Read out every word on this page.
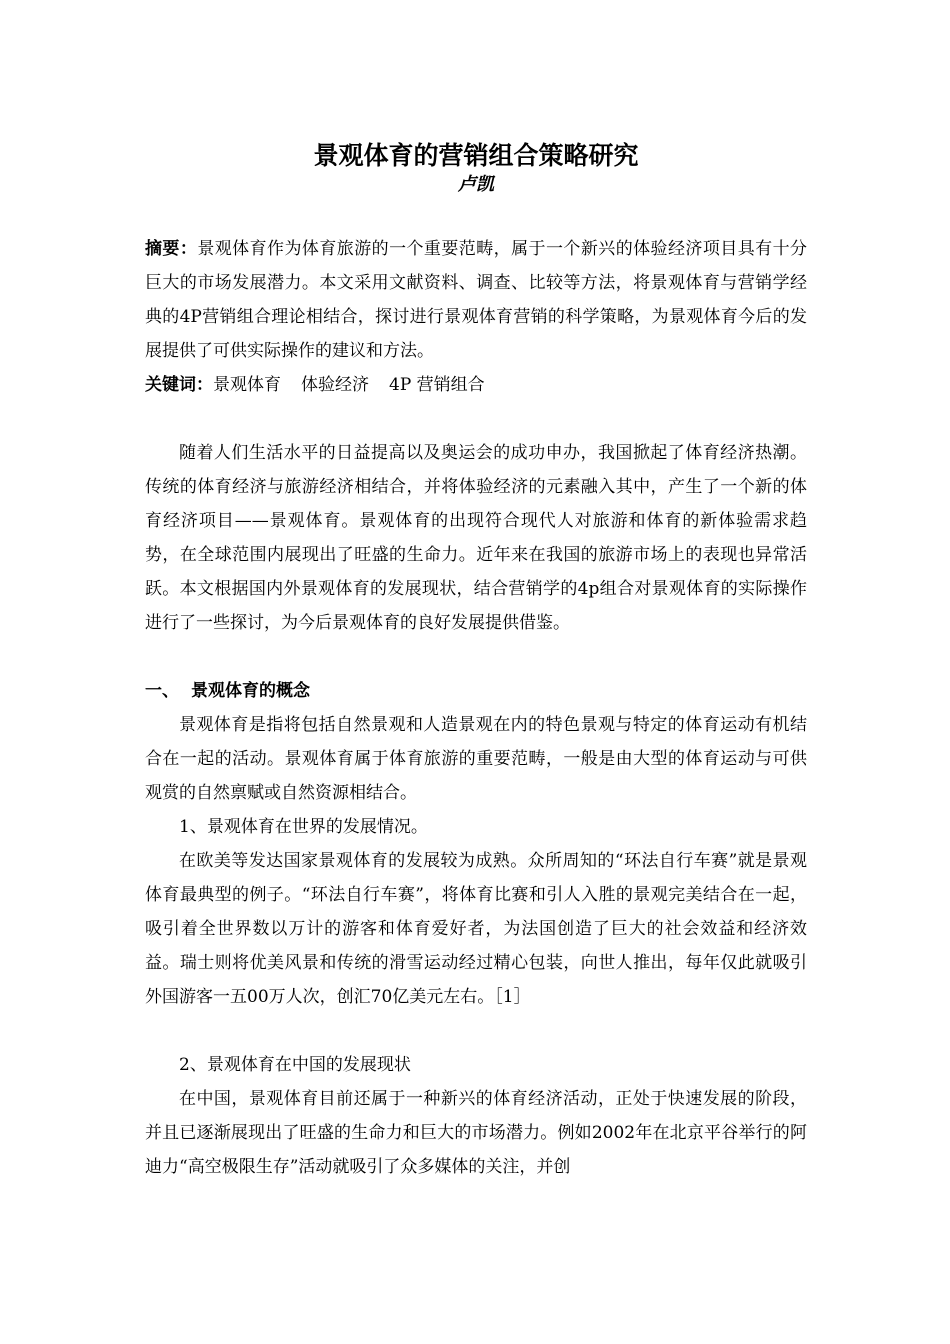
景观体育的营销组合策略研究

卢凯

摘要：景观体育作为体育旅游的一个重要范畴，属于一个新兴的体验经济项目具有十分巨大的市场发展潜力。本文采用文献资料、调查、比较等方法，将景观体育与营销学经典的4P营销组合理论相结合，探讨进行景观体育营销的科学策略，为景观体育今后的发展提供了可供实际操作的建议和方法。

关键词：景观体育 体验经济 4P 营销组合

随着人们生活水平的日益提高以及奥运会的成功申办，我国掀起了体育经济热潮。传统的体育经济与旅游经济相结合，并将体验经济的元素融入其中，产生了一个新的体育经济项目——景观体育。景观体育的出现符合现代人对旅游和体育的新体验需求趋势，在全球范围内展现出了旺盛的生命力。近年来在我国的旅游市场上的表现也异常活跃。本文根据国内外景观体育的发展现状，结合营销学的4p组合对景观体育的实际操作进行了一些探讨，为今后景观体育的良好发展提供借鉴。

一、 景观体育的概念

景观体育是指将包括自然景观和人造景观在内的特色景观与特定的体育运动有机结合在一起的活动。景观体育属于体育旅游的重要范畴，一般是由大型的体育运动与可供观赏的自然禀赋或自然资源相结合。

1、景观体育在世界的发展情况。

在欧美等发达国家景观体育的发展较为成熟。众所周知的“环法自行车赛”就是景观体育最典型的例子。“环法自行车赛”，将体育比赛和引人入胜的景观完美结合在一起，吸引着全世界数以万计的游客和体育爱好者，为法国创造了巨大的社会效益和经济效益。瑞士则将优美风景和传统的滑雪运动经过精心包装，向世人推出，每年仅此就吸引外国游客一五00万人次，创汇70亿美元左右。［1］

2、景观体育在中国的发展现状

在中国，景观体育目前还属于一种新兴的体育经济活动，正处于快速发展的阶段，并且已逐渐展现出了旺盛的生命力和巨大的市场潜力。例如2002年在北京平谷举行的阿迪力“高空极限生存”活动就吸引了众多媒体的关注，并创
